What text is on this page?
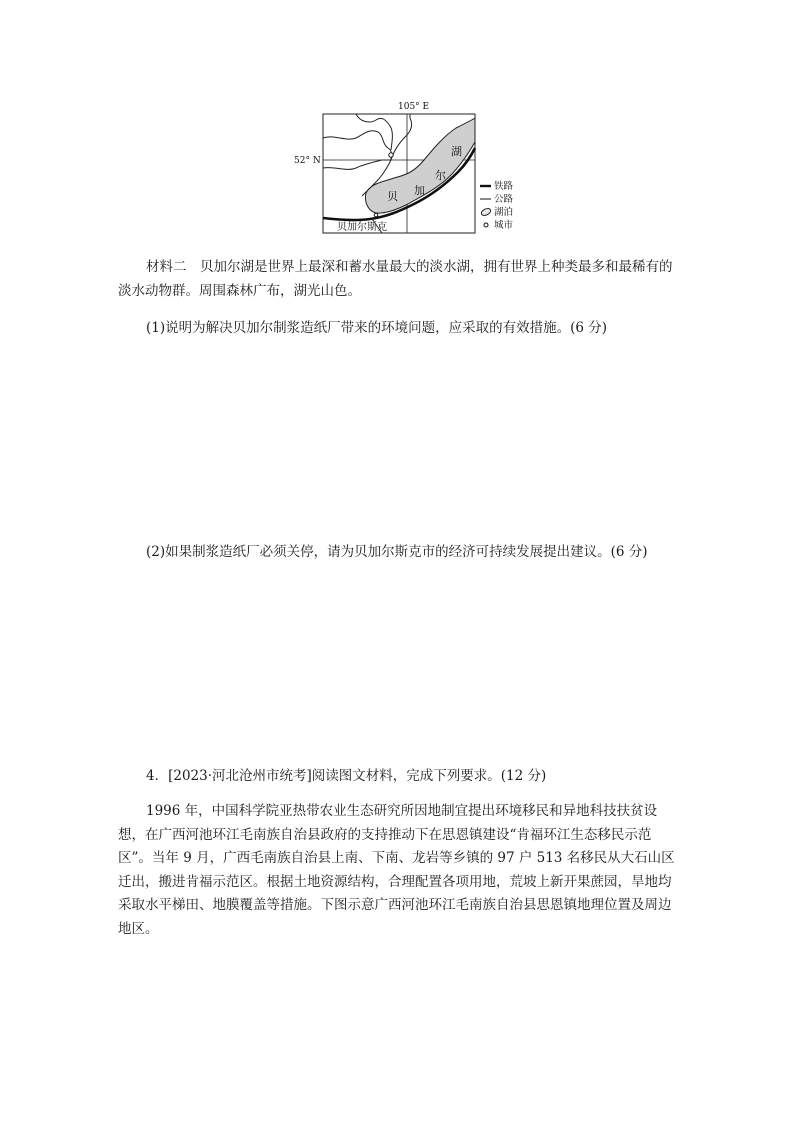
105° E
52° N
湖
尔
加
贝
贝加尔斯克
铁路
公路
湖泊
城市

材料二　贝加尔湖是世界上最深和蓄水量最大的淡水湖，拥有世界上种类最多和最稀有的淡水动物群。周围森林广布，湖光山色。

(1)说明为解决贝加尔制浆造纸厂带来的环境问题，应采取的有效措施。(6 分)

(2)如果制浆造纸厂必须关停，请为贝加尔斯克市的经济可持续发展提出建议。(6 分)

4．[2023·河北沧州市统考]阅读图文材料，完成下列要求。(12 分)

1996 年，中国科学院亚热带农业生态研究所因地制宜提出环境移民和异地科技扶贫设想，在广西河池环江毛南族自治县政府的支持推动下在思恩镇建设“肯福环江生态移民示范区”。当年 9 月，广西毛南族自治县上南、下南、龙岩等乡镇的 97 户 513 名移民从大石山区迁出，搬进肯福示范区。根据土地资源结构，合理配置各项用地，荒坡上新开果蔗园，旱地均采取水平梯田、地膜覆盖等措施。下图示意广西河池环江毛南族自治县思恩镇地理位置及周边地区。
